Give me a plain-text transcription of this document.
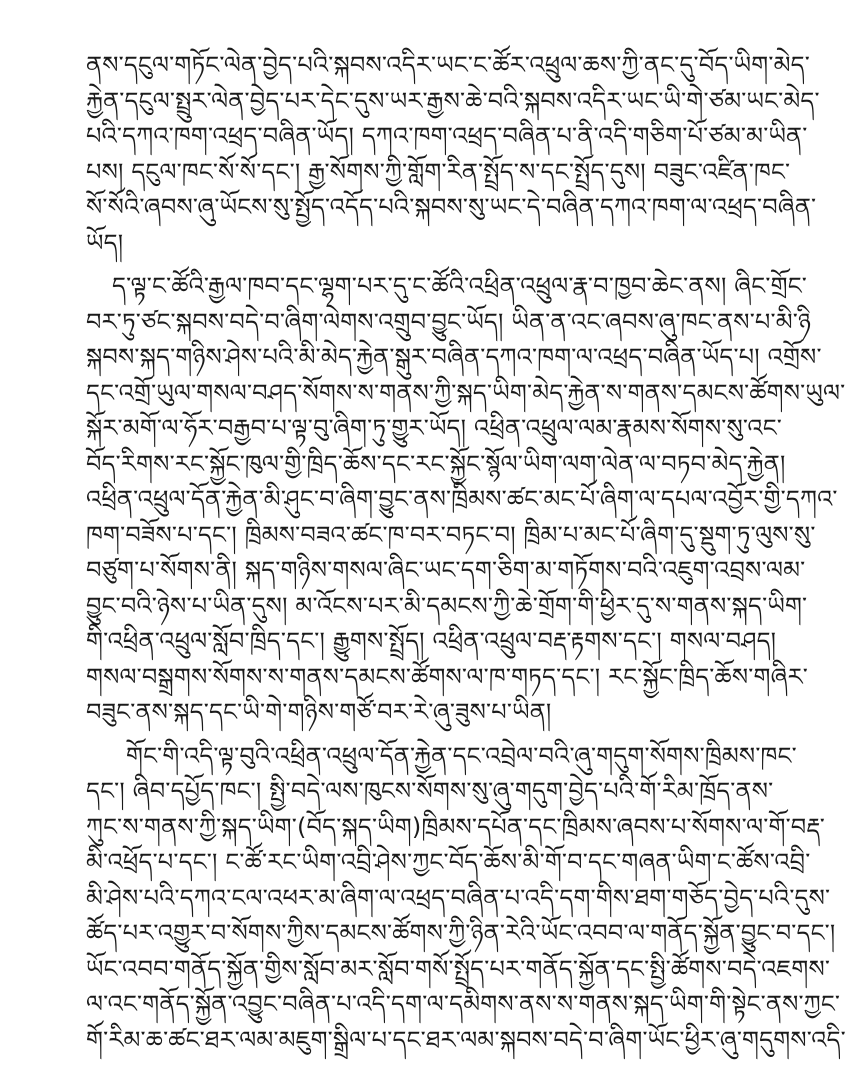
ནས་དངུལ་གཏོང་ལེན་བྱེད་པའི་སྐབས་འདིར་ཡང་ང་ཚོར་འཕྲུལ་ཆས་ཀྱི་ནང་དུ་བོད་ཡིག་མེད་
རྐྱེན་དངུལ་སྤྲུར་ལེན་བྱེད་པར་དེང་དུས་ཡར་རྒྱས་ཆེ་བའི་སྐབས་འདིར་ཡང་ཡི་གེ་ཙམ་ཡང་མེད་
པའི་དཀའ་ཁག་འཕྲད་བཞིན་ཡོད། དཀའ་ཁག་འཕྲད་བཞིན་པ་ནི་འདི་གཅིག་པོ་ཙམ་མ་ཡིན་
པས། དངུལ་ཁང་སོ་སོ་དང་། རྒྱ་སོགས་ཀྱི་གློག་རིན་སྤྲོད་ས་དང་སྤྲོད་དུས། བཟུང་འཛིན་ཁང་
སོ་སོའི་ཞབས་ཞུ་ཡོངས་སུ་སྤྱོད་འདོད་པའི་སྐབས་སུ་ཡང་དེ་བཞིན་དཀའ་ཁག་ལ་འཕྲད་བཞིན་
ཡོད།
ད་ལྟ་ང་ཚོའི་རྒྱལ་ཁབ་དང་ལྷག་པར་དུ་ང་ཚོའི་འཕྲིན་འཕྲུལ་རྣ་བ་ཁྱབ་ཆེང་ནས། ཞིང་གྲོང་
བར་ཏུ་ཙང་སྐབས་བདེ་བ་ཞིག་ལེགས་འགྲུབ་བྱུང་ཡོད། ཡིན་ན་འང་ཞབས་ཞུ་ཁང་ནས་པ་མི་ཉི
སྐབས་སྐད་གཉིས་ཤེས་པའི་མི་མེད་རྐྱེན་སྒུར་བཞིན་དཀའ་ཁག་ལ་འཕྲད་བཞིན་ཡོད་པ། འགྲོས་
དང་འགྲོ་ཡུལ་གསལ་བཤད་སོགས་ས་གནས་ཀྱི་སྐད་ཡིག་མེད་རྐྱེན་ས་གནས་དམངས་ཚོགས་ཡུལ་
སྐོར་མགོ་ལ་ཧོར་བརྒྱབ་པ་ལྟ་བུ་ཞིག་ཏུ་གྱུར་ཡོད། འཕྲིན་འཕྲུལ་ལམ་རྣམས་སོགས་སུ་འང་
བོད་རིགས་རང་སྐྱོང་ཁུལ་གྱི་ཁྲིད་ཆོས་དང་རང་སྐྱོང་སྙོལ་ཡིག་ལག་ལེན་ལ་བཏབ་མེད་རྐྱེན།
འཕྲིན་འཕྲུལ་དོན་རྐྱེན་མི་ཤུང་བ་ཞིག་བྱུང་ནས་ཁྲིམས་ཚང་མང་པོ་ཞིག་ལ་དཔལ་འབྱོར་གྱི་དཀའ་
ཁག་བཟོས་པ་དང་། ཁྲིམས་བཟའ་ཚང་ཁ་བར་བཏང་བ། ཁྲིམ་པ་མང་པོ་ཞིག་དུ་སྡུག་ཏུ་ལུས་སུ་
བཙུག་པ་སོགས་ནི། སྐད་གཉིས་གསལ་ཞིང་ཡང་དག་ཅིག་མ་གཏོགས་བའི་འཇུག་འབྲས་ལམ་
བྱུང་བའི་ཉེས་པ་ཡིན་དུས། མ་འོངས་པར་མི་དམངས་ཀྱི་ཆེ་གྲོག་གི་ཕྱིར་དུ་ས་གནས་སྐད་ཡིག་
གི་འཕྲིན་འཕྲུལ་སློབ་ཁྲིད་དང་། རྒྱུགས་སྤྲོད། འཕྲིན་འཕྲུལ་བརྡ་རྟགས་དང་། གསལ་བཤད།
གསལ་བསྒྲགས་སོགས་ས་གནས་དམངས་ཚོགས་ལ་ཁ་གཏད་དང་། རང་སྐྱོང་ཁྲིད་ཆོས་གཞིར་
བཟུང་ནས་སྐད་དང་ཡི་གེ་གཉིས་གཙོ་བར་རེ་ཞུ་ཟུས་པ་ཡིན།
གོང་གི་འདི་ལྟ་བུའི་འཕྲིན་འཕྲུལ་དོན་རྐྱེན་དང་འབྲེལ་བའི་ཞུ་གདུག་སོགས་ཁྲིམས་ཁང་
དང་། ཞིབ་དཔྱོད་ཁང་། སྤྱི་བདེ་ལས་ཁུངས་སོགས་སུ་ཞུ་གདུག་བྱེད་པའི་གོ་རིམ་ཁྲོད་ནས་
ཀུང་ས་གནས་ཀྱི་སྐད་ཡིག་(བོད་སྐད་ཡིག)ཁྲིམས་དཔོན་དང་ཁྲིམས་ཞབས་པ་སོགས་ལ་གོ་བརྡ་
མི་འཕྲོད་པ་དང་། ང་ཚོ་རང་ཡིག་འབྲི་ཤེས་ཀྱང་བོད་ཆོས་མི་གོ་བ་དང་གཞན་ཡིག་ང་ཚོས་འབྲི་
མི་ཤེས་པའི་དཀའ་ངལ་འཕར་མ་ཞིག་ལ་འཕྲད་བཞིན་པ་འདི་དག་གིས་ཐག་གཅོད་བྱེད་པའི་དུས་
ཚོད་པར་འགྱུར་བ་སོགས་ཀྱིས་དམངས་ཚོགས་ཀྱི་ཉིན་རེའི་ཡོང་འབབ་ལ་གནོད་སྐྱོན་བྱུང་བ་དང་།
ཡོང་འབབ་གནོད་སྐྱོན་གྱིས་སློབ་མར་སློབ་གསོ་སྤྲོད་པར་གནོད་སྐྱོན་དང་སྤྱི་ཚོགས་བདེ་འཇགས་
ལ་འང་གནོད་སྐྱོན་འབྱུང་བཞིན་པ་འདི་དག་ལ་དམིགས་ནས་ས་གནས་སྐད་ཡིག་གི་སྟེང་ནས་ཀྱང་
གོ་རིམ་ཆ་ཚང་ཐར་ལམ་མཇུག་སྒྲིལ་པ་དང་ཐར་ལམ་སྐབས་བདེ་བ་ཞིག་ཡོང་ཕྱིར་ཞུ་གདུགས་འདི་
